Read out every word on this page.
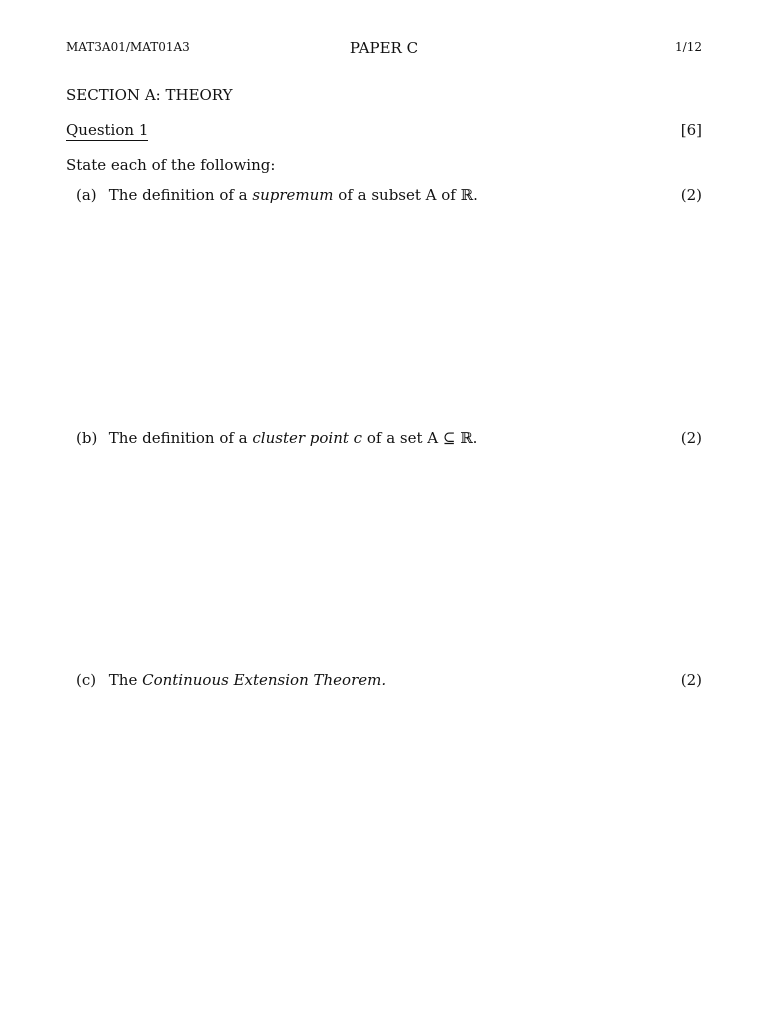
MAT3A01/MAT01A3	PAPER C	1/12
SECTION A: THEORY
Question 1	[6]
State each of the following:
(a) The definition of a supremum of a subset A of ℝ.	(2)
(b) The definition of a cluster point c of a set A ⊆ ℝ.	(2)
(c) The Continuous Extension Theorem.	(2)
